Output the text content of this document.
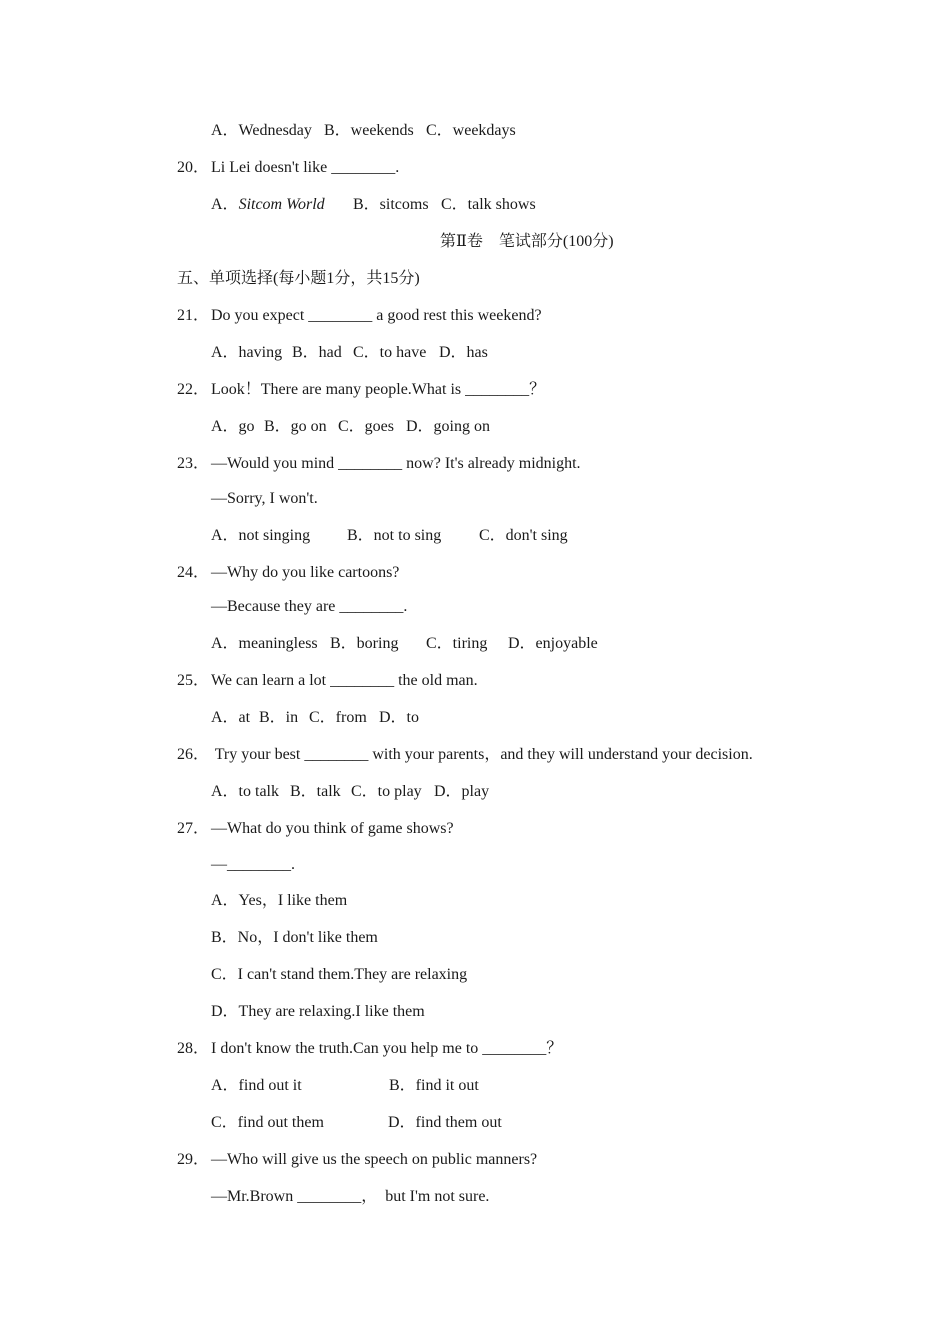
A．Wednesday B．weekends C．weekdays
20． Li Lei doesn't like ________.
A．Sitcom World B．sitcoms C．talk shows
第Ⅱ卷　笔试部分(100分)
五、单项选择(每小题1分，共15分)
21． Do you expect ________ a good rest this weekend?
A．having B．had C．to have D．has
22． Look！There are many people.What is ________？
A．go B．go on C．goes D．going on
23． —Would you mind ________ now? It's already midnight.
—Sorry, I won't.
A．not singing B．not to sing C．don't sing
24． —Why do you like cartoons?
—Because they are ________.
A．meaningless B．boring C．tiring D．enjoyable
25． We can learn a lot ________ the old man.
A．at B．in C．from D．to
26． Try your best ________ with your parents，and they will understand your decision.
A．to talk B．talk C．to play D．play
27． —What do you think of game shows?
—________.
A．Yes，I like them
B．No，I don't like them
C．I can't stand them.They are relaxing
D．They are relaxing.I like them
28． I don't know the truth.Can you help me to ________？
A．find out it	B．find it out
C．find out them	D．find them out
29． —Who will give us the speech on public manners?
—Mr.Brown ________，　but I'm not sure.
